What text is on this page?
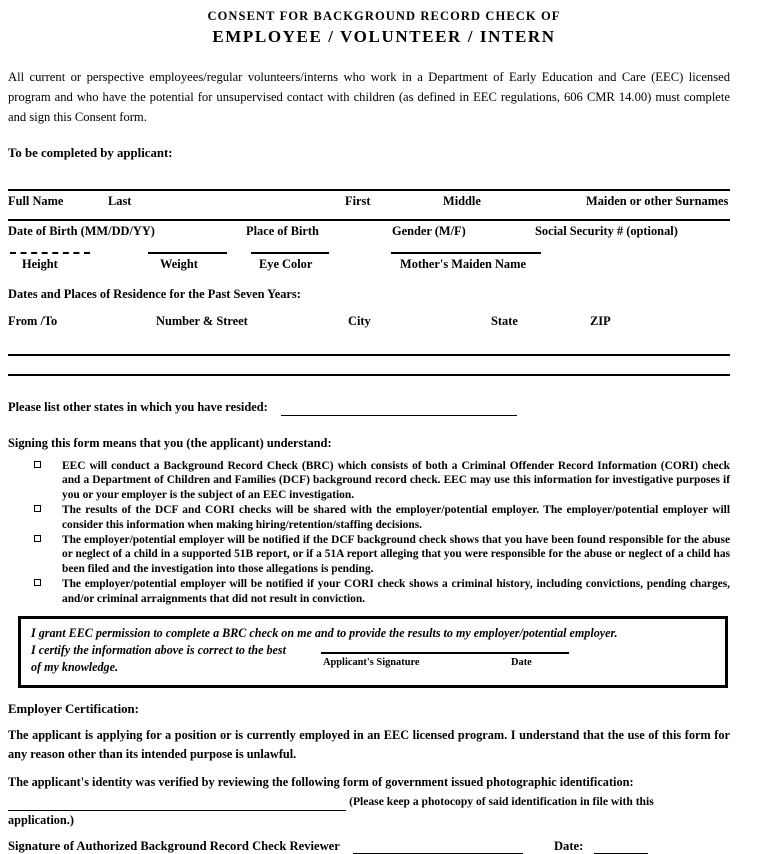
CONSENT FOR BACKGROUND RECORD CHECK OF
EMPLOYEE / VOLUNTEER / INTERN
All current or perspective employees/regular volunteers/interns who work in a Department of Early Education and Care (EEC) licensed program and who have the potential for unsupervised contact with children (as defined in EEC regulations, 606 CMR 14.00) must complete and sign this Consent form.
To be completed by applicant:
Full Name	Last	First	Middle	Maiden or other Surnames
Date of Birth (MM/DD/YY)	Place of Birth	Gender (M/F)	Social Security # (optional)
Height	Weight	Eye Color	Mother's Maiden Name
Dates and Places of Residence for the Past Seven Years:
From /To	Number & Street	City	State	ZIP
Please list other states in which you have resided:
Signing this form means that you (the applicant) understand:
EEC will conduct a Background Record Check (BRC) which consists of both a Criminal Offender Record Information (CORI) check and a Department of Children and Families (DCF) background record check. EEC may use this information for investigative purposes if you or your employer is the subject of an EEC investigation.
The results of the DCF and CORI checks will be shared with the employer/potential employer. The employer/potential employer will consider this information when making hiring/retention/staffing decisions.
The employer/potential employer will be notified if the DCF background check shows that you have been found responsible for the abuse or neglect of a child in a supported 51B report, or if a 51A report alleging that you were responsible for the abuse or neglect of a child has been filed and the investigation into those allegations is pending.
The employer/potential employer will be notified if your CORI check shows a criminal history, including convictions, pending charges, and/or criminal arraignments that did not result in conviction.
I grant EEC permission to complete a BRC check on me and to provide the results to my employer/potential employer.
I certify the information above is correct to the best
of my knowledge.	Applicant's Signature	Date
Employer Certification:
The applicant is applying for a position or is currently employed in an EEC licensed program. I understand that the use of this form for any reason other than its intended purpose is unlawful.
The applicant's identity was verified by reviewing the following form of government issued photographic identification:
(Please keep a photocopy of said identification in file with this
application.)
Signature of Authorized Background Record Check Reviewer	Date:
